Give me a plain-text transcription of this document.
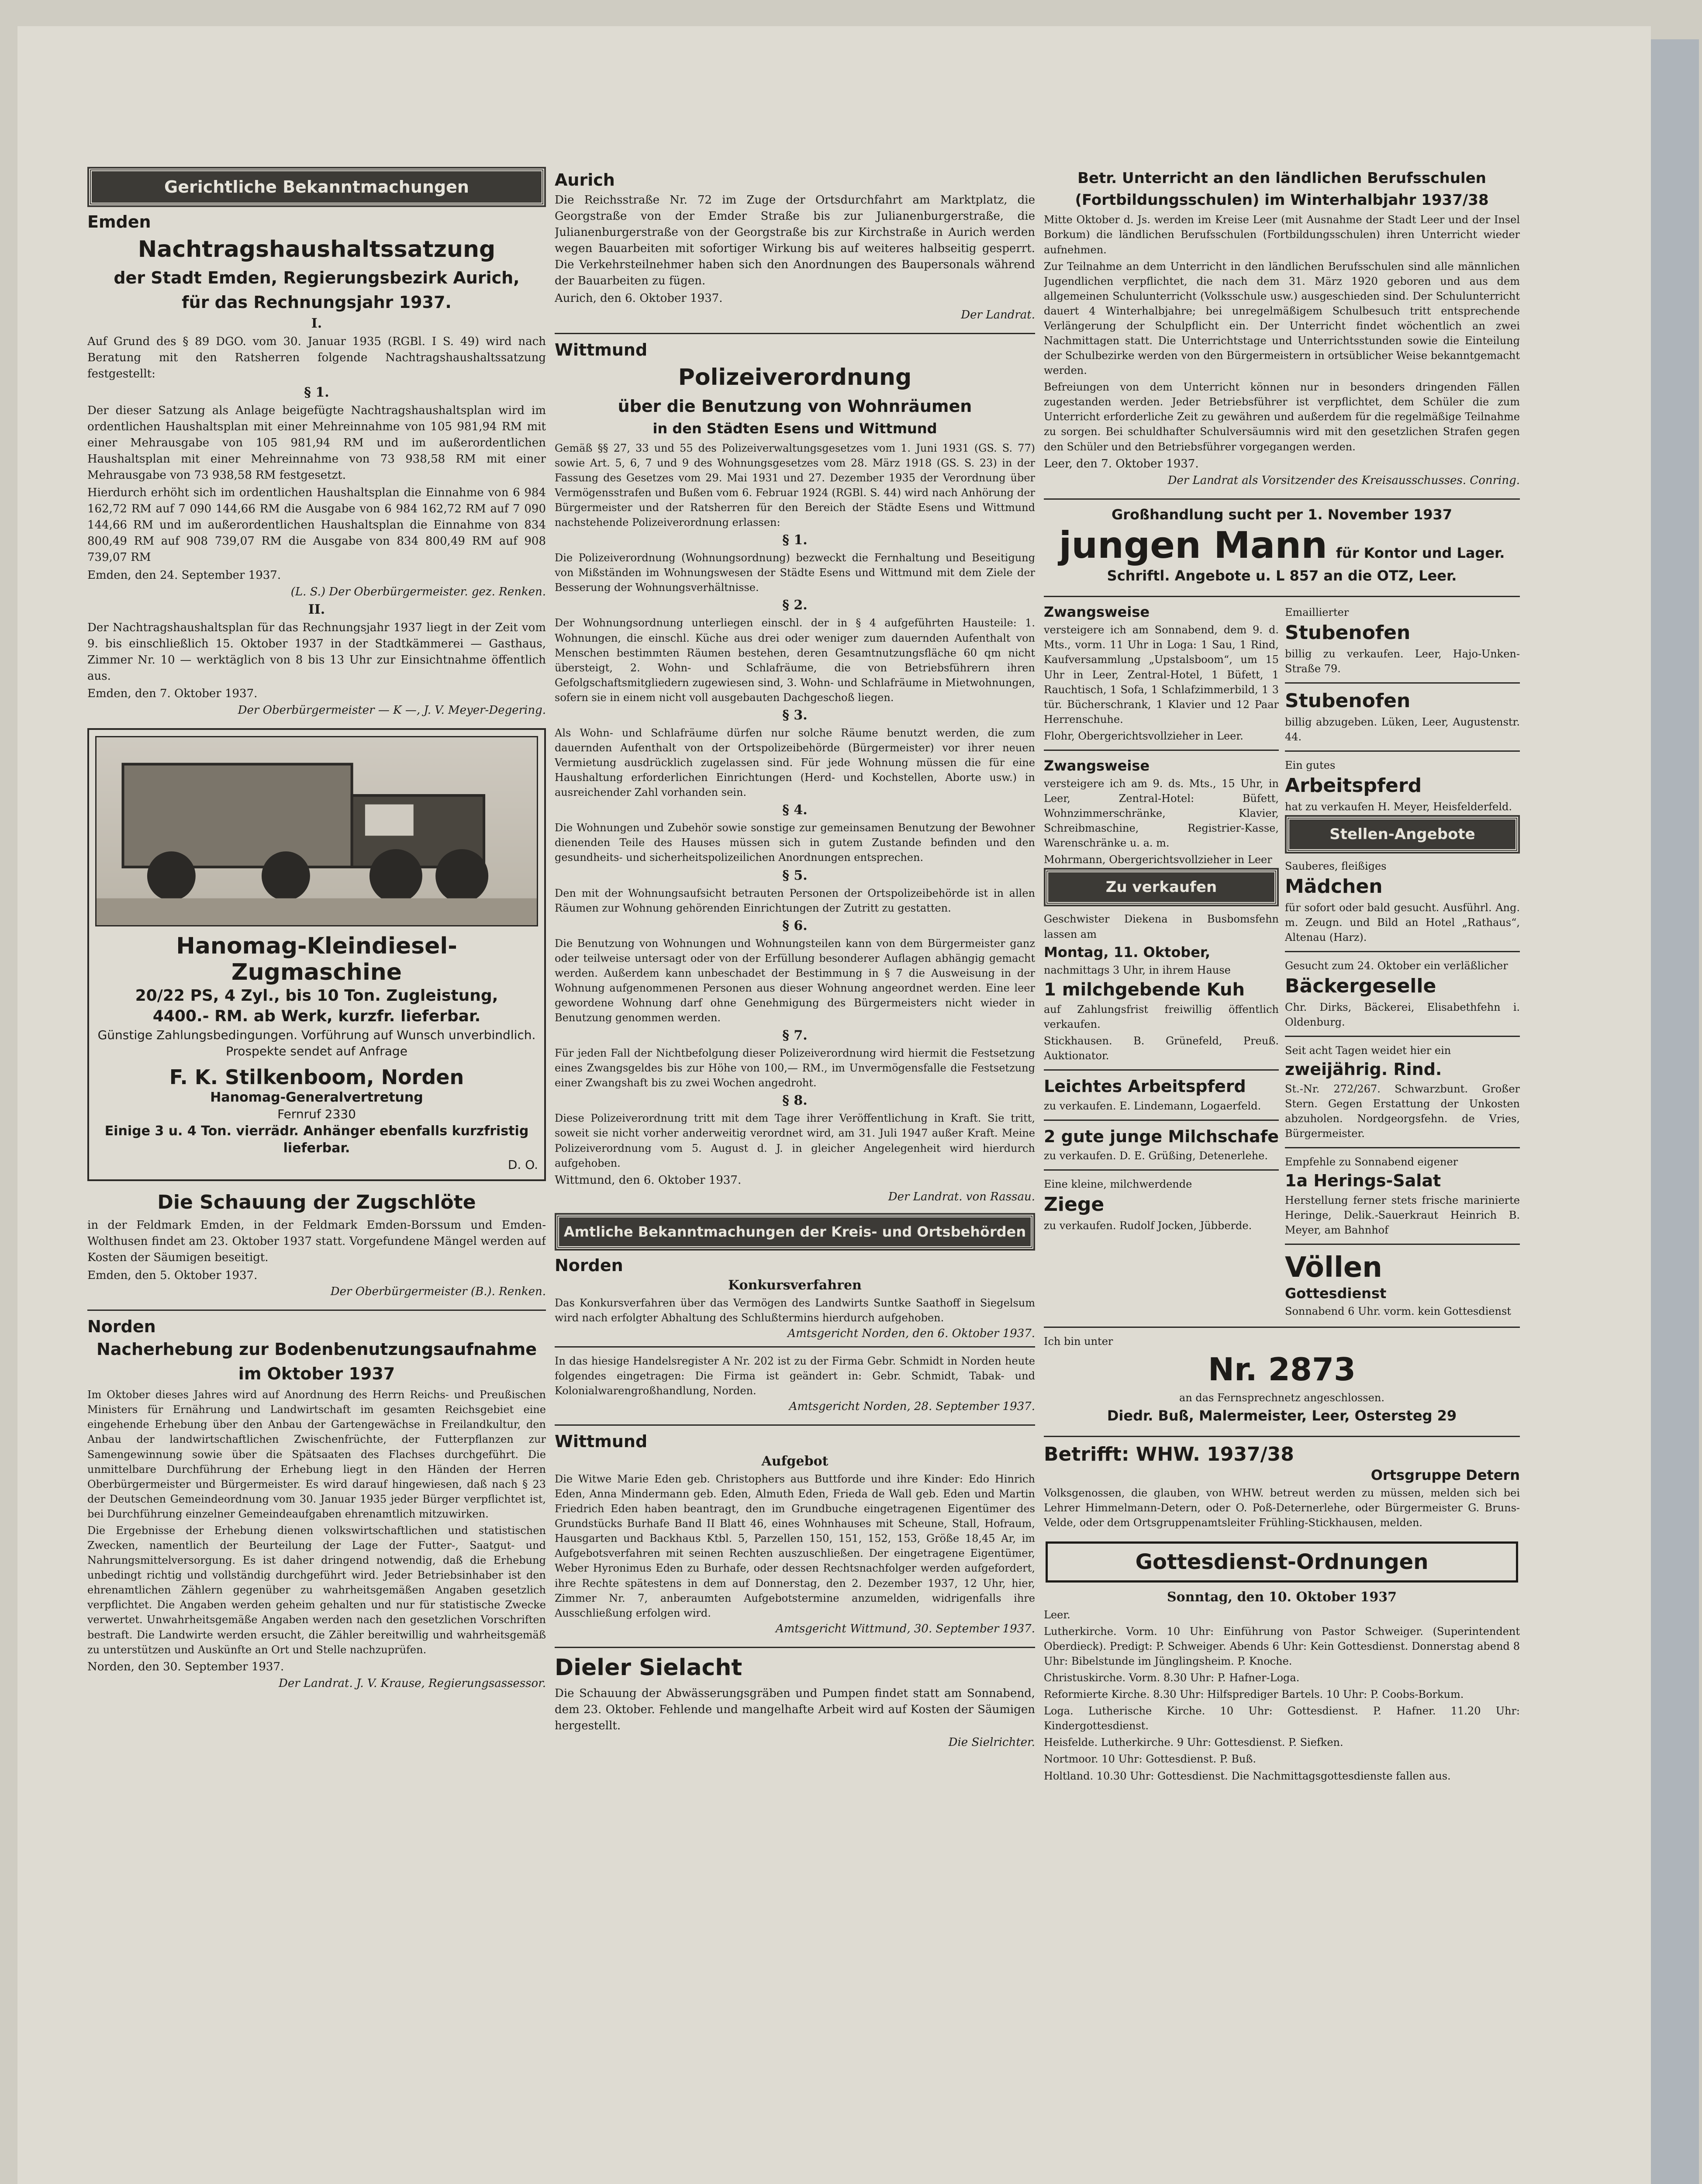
Gerichtliche Bekanntmachungen
Emden
Nachtragshaushaltssatzung
der Stadt Emden, Regierungsbezirk Aurich,
für das Rechnungsjahr 1937.
I.
Auf Grund des § 89 DGO. vom 30. Januar 1935 (RGBl. I S. 49) wird nach Beratung mit den Ratsherren folgende Nachtragshaushaltssatzung festgestellt:
§ 1.
Der dieser Satzung als Anlage beigefügte Nachtragshaushaltsplan wird im ordentlichen Haushaltsplan mit einer Mehreinnahme von 105 981,94 RM mit einer Mehrausgabe von 105 981,94 RM und im außerordentlichen Haushaltsplan mit einer Mehreinnahme von 73 938,58 RM mit einer Mehrausgabe von 73 938,58 RM festgesetzt.
Hierdurch erhöht sich im ordentlichen Haushaltsplan die Einnahme von 6 984 162,72 RM auf 7 090 144,66 RM die Ausgabe von 6 984 162,72 RM auf 7 090 144,66 RM und im außerordentlichen Haushaltsplan die Einnahme von 834 800,49 RM auf 908 739,07 RM die Ausgabe von 834 800,49 RM auf 908 739,07 RM
Emden, den 24. September 1937.
(L. S.) Der Oberbürgermeister. gez. Renken.
II.
Der Nachtragshaushaltsplan für das Rechnungsjahr 1937 liegt in der Zeit vom 9. bis einschließlich 15. Oktober 1937 in der Stadtkämmerei — Gasthaus, Zimmer Nr. 10 — werktäglich von 8 bis 13 Uhr zur Einsichtnahme öffentlich aus.
Emden, den 7. Oktober 1937.
Der Oberbürgermeister — K —, J. V. Meyer-Degering.
Hanomag-Kleindiesel-Zugmaschine
20/22 PS, 4 Zyl., bis 10 Ton. Zugleistung,
4400.- RM. ab Werk, kurzfr. lieferbar.
Günstige Zahlungsbedingungen. Vorführung auf Wunsch unverbindlich. Prospekte sendet auf Anfrage
F. K. Stilkenboom, Norden
Hanomag-Generalvertretung
Fernruf 2330
Einige 3 u. 4 Ton. vierrädr. Anhänger ebenfalls kurzfristig lieferbar.
D. O.
Die Schauung der Zugschlöte
in der Feldmark Emden, in der Feldmark Emden-Borssum und Emden-Wolthusen findet am 23. Oktober 1937 statt. Vorgefundene Mängel werden auf Kosten der Säumigen beseitigt.
Emden, den 5. Oktober 1937.
Der Oberbürgermeister (B.). Renken.
Norden
Nacherhebung zur Bodenbenutzungsaufnahme
im Oktober 1937
Im Oktober dieses Jahres wird auf Anordnung des Herrn Reichs- und Preußischen Ministers für Ernährung und Landwirtschaft im gesamten Reichsgebiet eine eingehende Erhebung über den Anbau der Gartengewächse in Freilandkultur, den Anbau der landwirtschaftlichen Zwischenfrüchte, der Futterpflanzen zur Samengewinnung sowie über die Spätsaaten des Flachses durchgeführt. Die unmittelbare Durchführung der Erhebung liegt in den Händen der Herren Oberbürgermeister und Bürgermeister. Es wird darauf hingewiesen, daß nach § 23 der Deutschen Gemeindeordnung vom 30. Januar 1935 jeder Bürger verpflichtet ist, bei Durchführung einzelner Gemeindeaufgaben ehrenamtlich mitzuwirken.
Die Ergebnisse der Erhebung dienen volkswirtschaftlichen und statistischen Zwecken, namentlich der Beurteilung der Lage der Futter-, Saatgut- und Nahrungsmittelversorgung. Es ist daher dringend notwendig, daß die Erhebung unbedingt richtig und vollständig durchgeführt wird. Jeder Betriebsinhaber ist den ehrenamtlichen Zählern gegenüber zu wahrheitsgemäßen Angaben gesetzlich verpflichtet. Die Angaben werden geheim gehalten und nur für statistische Zwecke verwertet. Unwahrheitsgemäße Angaben werden nach den gesetzlichen Vorschriften bestraft. Die Landwirte werden ersucht, die Zähler bereitwillig und wahrheitsgemäß zu unterstützen und Auskünfte an Ort und Stelle nachzuprüfen.
Norden, den 30. September 1937.
Der Landrat. J. V. Krause, Regierungsassessor.
Aurich
Die Reichsstraße Nr. 72 im Zuge der Ortsdurchfahrt am Marktplatz, die Georgstraße von der Emder Straße bis zur Julianenburgerstraße, die Julianenburgerstraße von der Georgstraße bis zur Kirchstraße in Aurich werden wegen Bauarbeiten mit sofortiger Wirkung bis auf weiteres halbseitig gesperrt. Die Verkehrsteilnehmer haben sich den Anordnungen des Baupersonals während der Bauarbeiten zu fügen.
Aurich, den 6. Oktober 1937.
Der Landrat.
Wittmund
Polizeiverordnung
über die Benutzung von Wohnräumen
in den Städten Esens und Wittmund
Gemäß §§ 27, 33 und 55 des Polizeiverwaltungsgesetzes vom 1. Juni 1931 (GS. S. 77) sowie Art. 5, 6, 7 und 9 des Wohnungsgesetzes vom 28. März 1918 (GS. S. 23) in der Fassung des Gesetzes vom 29. Mai 1931 und 27. Dezember 1935 der Verordnung über Vermögensstrafen und Bußen vom 6. Februar 1924 (RGBl. S. 44) wird nach Anhörung der Bürgermeister und der Ratsherren für den Bereich der Städte Esens und Wittmund nachstehende Polizeiverordnung erlassen:
§ 1.
Die Polizeiverordnung (Wohnungsordnung) bezweckt die Fernhaltung und Beseitigung von Mißständen im Wohnungswesen der Städte Esens und Wittmund mit dem Ziele der Besserung der Wohnungsverhältnisse.
§ 2.
Der Wohnungsordnung unterliegen einschl. der in § 4 aufgeführten Hausteile: 1. Wohnungen, die einschl. Küche aus drei oder weniger zum dauernden Aufenthalt von Menschen bestimmten Räumen bestehen, deren Gesamtnutzungsfläche 60 qm nicht übersteigt, 2. Wohn- und Schlafräume, die von Betriebsführern ihren Gefolgschaftsmitgliedern zugewiesen sind, 3. Wohn- und Schlafräume in Mietwohnungen, sofern sie in einem nicht voll ausgebauten Dachgeschoß liegen.
§ 3.
Als Wohn- und Schlafräume dürfen nur solche Räume benutzt werden, die zum dauernden Aufenthalt von der Ortspolizeibehörde (Bürgermeister) vor ihrer neuen Vermietung ausdrücklich zugelassen sind. Für jede Wohnung müssen die für eine Haushaltung erforderlichen Einrichtungen (Herd- und Kochstellen, Aborte usw.) in ausreichender Zahl vorhanden sein.
§ 4.
Die Wohnungen und Zubehör sowie sonstige zur gemeinsamen Benutzung der Bewohner dienenden Teile des Hauses müssen sich in gutem Zustande befinden und den gesundheits- und sicherheitspolizeilichen Anordnungen entsprechen.
§ 5.
Den mit der Wohnungsaufsicht betrauten Personen der Ortspolizeibehörde ist in allen Räumen zur Wohnung gehörenden Einrichtungen der Zutritt zu gestatten.
§ 6.
Die Benutzung von Wohnungen und Wohnungsteilen kann von dem Bürgermeister ganz oder teilweise untersagt oder von der Erfüllung besonderer Auflagen abhängig gemacht werden. Außerdem kann unbeschadet der Bestimmung in § 7 die Ausweisung in der Wohnung aufgenommenen Personen aus dieser Wohnung angeordnet werden. Eine leer gewordene Wohnung darf ohne Genehmigung des Bürgermeisters nicht wieder in Benutzung genommen werden.
§ 7.
Für jeden Fall der Nichtbefolgung dieser Polizeiverordnung wird hiermit die Festsetzung eines Zwangsgeldes bis zur Höhe von 100,— RM., im Unvermögensfalle die Festsetzung einer Zwangshaft bis zu zwei Wochen angedroht.
§ 8.
Diese Polizeiverordnung tritt mit dem Tage ihrer Veröffentlichung in Kraft. Sie tritt, soweit sie nicht vorher anderweitig verordnet wird, am 31. Juli 1947 außer Kraft. Meine Polizeiverordnung vom 5. August d. J. in gleicher Angelegenheit wird hierdurch aufgehoben.
Wittmund, den 6. Oktober 1937.
Der Landrat. von Rassau.
Amtliche Bekanntmachungen der Kreis- und Ortsbehörden
Norden
Konkursverfahren
Das Konkursverfahren über das Vermögen des Landwirts Suntke Saathoff in Siegelsum wird nach erfolgter Abhaltung des Schlußtermins hierdurch aufgehoben.
Amtsgericht Norden, den 6. Oktober 1937.
In das hiesige Handelsregister A Nr. 202 ist zu der Firma Gebr. Schmidt in Norden heute folgendes eingetragen: Die Firma ist geändert in: Gebr. Schmidt, Tabak- und Kolonialwarengroßhandlung, Norden.
Amtsgericht Norden, 28. September 1937.
Wittmund
Aufgebot
Die Witwe Marie Eden geb. Christophers aus Buttforde und ihre Kinder: Edo Hinrich Eden, Anna Mindermann geb. Eden, Almuth Eden, Frieda de Wall geb. Eden und Martin Friedrich Eden haben beantragt, den im Grundbuche eingetragenen Eigentümer des Grundstücks Burhafe Band II Blatt 46, eines Wohnhauses mit Scheune, Stall, Hofraum, Hausgarten und Backhaus Ktbl. 5, Parzellen 150, 151, 152, 153, Größe 18,45 Ar, im Aufgebotsverfahren mit seinen Rechten auszuschließen. Der eingetragene Eigentümer, Weber Hyronimus Eden zu Burhafe, oder dessen Rechtsnachfolger werden aufgefordert, ihre Rechte spätestens in dem auf Donnerstag, den 2. Dezember 1937, 12 Uhr, hier, Zimmer Nr. 7, anberaumten Aufgebotstermine anzumelden, widrigenfalls ihre Ausschließung erfolgen wird.
Amtsgericht Wittmund, 30. September 1937.
Dieler Sielacht
Die Schauung der Abwässerungsgräben und Pumpen findet statt am Sonnabend, dem 23. Oktober. Fehlende und mangelhafte Arbeit wird auf Kosten der Säumigen hergestellt.
Die Sielrichter.
Betr. Unterricht an den ländlichen Berufsschulen
(Fortbildungsschulen) im Winterhalbjahr 1937/38
Mitte Oktober d. Js. werden im Kreise Leer (mit Ausnahme der Stadt Leer und der Insel Borkum) die ländlichen Berufsschulen (Fortbildungsschulen) ihren Unterricht wieder aufnehmen.
Zur Teilnahme an dem Unterricht in den ländlichen Berufsschulen sind alle männlichen Jugendlichen verpflichtet, die nach dem 31. März 1920 geboren und aus dem allgemeinen Schulunterricht (Volksschule usw.) ausgeschieden sind. Der Schulunterricht dauert 4 Winterhalbjahre; bei unregelmäßigem Schulbesuch tritt entsprechende Verlängerung der Schulpflicht ein. Der Unterricht findet wöchentlich an zwei Nachmittagen statt. Die Unterrichtstage und Unterrichtsstunden sowie die Einteilung der Schulbezirke werden von den Bürgermeistern in ortsüblicher Weise bekanntgemacht werden.
Befreiungen von dem Unterricht können nur in besonders dringenden Fällen zugestanden werden. Jeder Betriebsführer ist verpflichtet, dem Schüler die zum Unterricht erforderliche Zeit zu gewähren und außerdem für die regelmäßige Teilnahme zu sorgen. Bei schuldhafter Schulversäumnis wird mit den gesetzlichen Strafen gegen den Schüler und den Betriebsführer vorgegangen werden.
Leer, den 7. Oktober 1937.
Der Landrat als Vorsitzender des Kreisausschusses. Conring.
Großhandlung sucht per 1. November 1937
jungen Mann für Kontor und Lager.
Schriftl. Angebote u. L 857 an die OTZ, Leer.
Zwangsweise
versteigere ich am Sonnabend, dem 9. d. Mts., vorm. 11 Uhr in Loga: 1 Sau, 1 Rind, Kaufversammlung „Upstalsboom“, um 15 Uhr in Leer, Zentral-Hotel, 1 Büfett, 1 Rauchtisch, 1 Sofa, 1 Schlafzimmerbild, 1 3 tür. Bücherschrank, 1 Klavier und 12 Paar Herrenschuhe.
Flohr, Obergerichtsvollzieher in Leer.
Zwangsweise
versteigere ich am 9. ds. Mts., 15 Uhr, in Leer, Zentral-Hotel: Büfett, Wohnzimmerschränke, Klavier, Schreibmaschine, Registrier-Kasse, Warenschränke u. a. m.
Mohrmann, Obergerichtsvollzieher in Leer
Zu verkaufen
Geschwister Diekena in Busbomsfehn lassen am
Montag, 11. Oktober,
nachmittags 3 Uhr, in ihrem Hause
1 milchgebende Kuh
auf Zahlungsfrist freiwillig öffentlich verkaufen.
Stickhausen. B. Grünefeld, Preuß. Auktionator.
Leichtes Arbeitspferd
zu verkaufen. E. Lindemann, Logaerfeld.
2 gute junge Milchschafe
zu verkaufen. D. E. Grüßing, Detenerlehe.
Eine kleine, milchwerdende
Ziege
zu verkaufen. Rudolf Jocken, Jübberde.
Emaillierter
Stubenofen
billig zu verkaufen. Leer, Hajo-Unken-Straße 79.
Stubenofen
billig abzugeben. Lüken, Leer, Augustenstr. 44.
Ein gutes
Arbeitspferd
hat zu verkaufen H. Meyer, Heisfelderfeld.
Stellen-Angebote
Sauberes, fleißiges
Mädchen
für sofort oder bald gesucht. Ausführl. Ang. m. Zeugn. und Bild an Hotel „Rathaus“, Altenau (Harz).
Gesucht zum 24. Oktober ein verläßlicher
Bäckergeselle
Chr. Dirks, Bäckerei, Elisabethfehn i. Oldenburg.
Seit acht Tagen weidet hier ein
zweijährig. Rind.
St.-Nr. 272/267. Schwarzbunt. Großer Stern. Gegen Erstattung der Unkosten abzuholen. Nordgeorgsfehn. de Vries, Bürgermeister.
Empfehle zu Sonnabend eigener
1a Herings-Salat
Herstellung ferner stets frische marinierte Heringe, Delik.-Sauerkraut Heinrich B. Meyer, am Bahnhof
Völlen
Gottesdienst
Sonnabend 6 Uhr. vorm. kein Gottesdienst
Ich bin unter
Nr. 2873
an das Fernsprechnetz angeschlossen.
Diedr. Buß, Malermeister, Leer, Ostersteg 29
Betrifft: WHW. 1937/38
Ortsgruppe Detern
Volksgenossen, die glauben, von WHW. betreut werden zu müssen, melden sich bei Lehrer Himmelmann-Detern, oder O. Poß-Deternerlehe, oder Bürgermeister G. Bruns-Velde, oder dem Ortsgruppenamtsleiter Frühling-Stickhausen, melden.
Gottesdienst-Ordnungen
Sonntag, den 10. Oktober 1937
Leer.
Lutherkirche. Vorm. 10 Uhr: Einführung von Pastor Schweiger. (Superintendent Oberdieck). Predigt: P. Schweiger. Abends 6 Uhr: Kein Gottesdienst. Donnerstag abend 8 Uhr: Bibelstunde im Jünglingsheim. P. Knoche.
Christuskirche. Vorm. 8.30 Uhr: P. Hafner-Loga.
Reformierte Kirche. 8.30 Uhr: Hilfsprediger Bartels. 10 Uhr: P. Coobs-Borkum.
Loga. Lutherische Kirche. 10 Uhr: Gottesdienst. P. Hafner. 11.20 Uhr: Kindergottesdienst.
Heisfelde. Lutherkirche. 9 Uhr: Gottesdienst. P. Siefken.
Nortmoor. 10 Uhr: Gottesdienst. P. Buß.
Holtland. 10.30 Uhr: Gottesdienst. Die Nachmittagsgottesdienste fallen aus.
